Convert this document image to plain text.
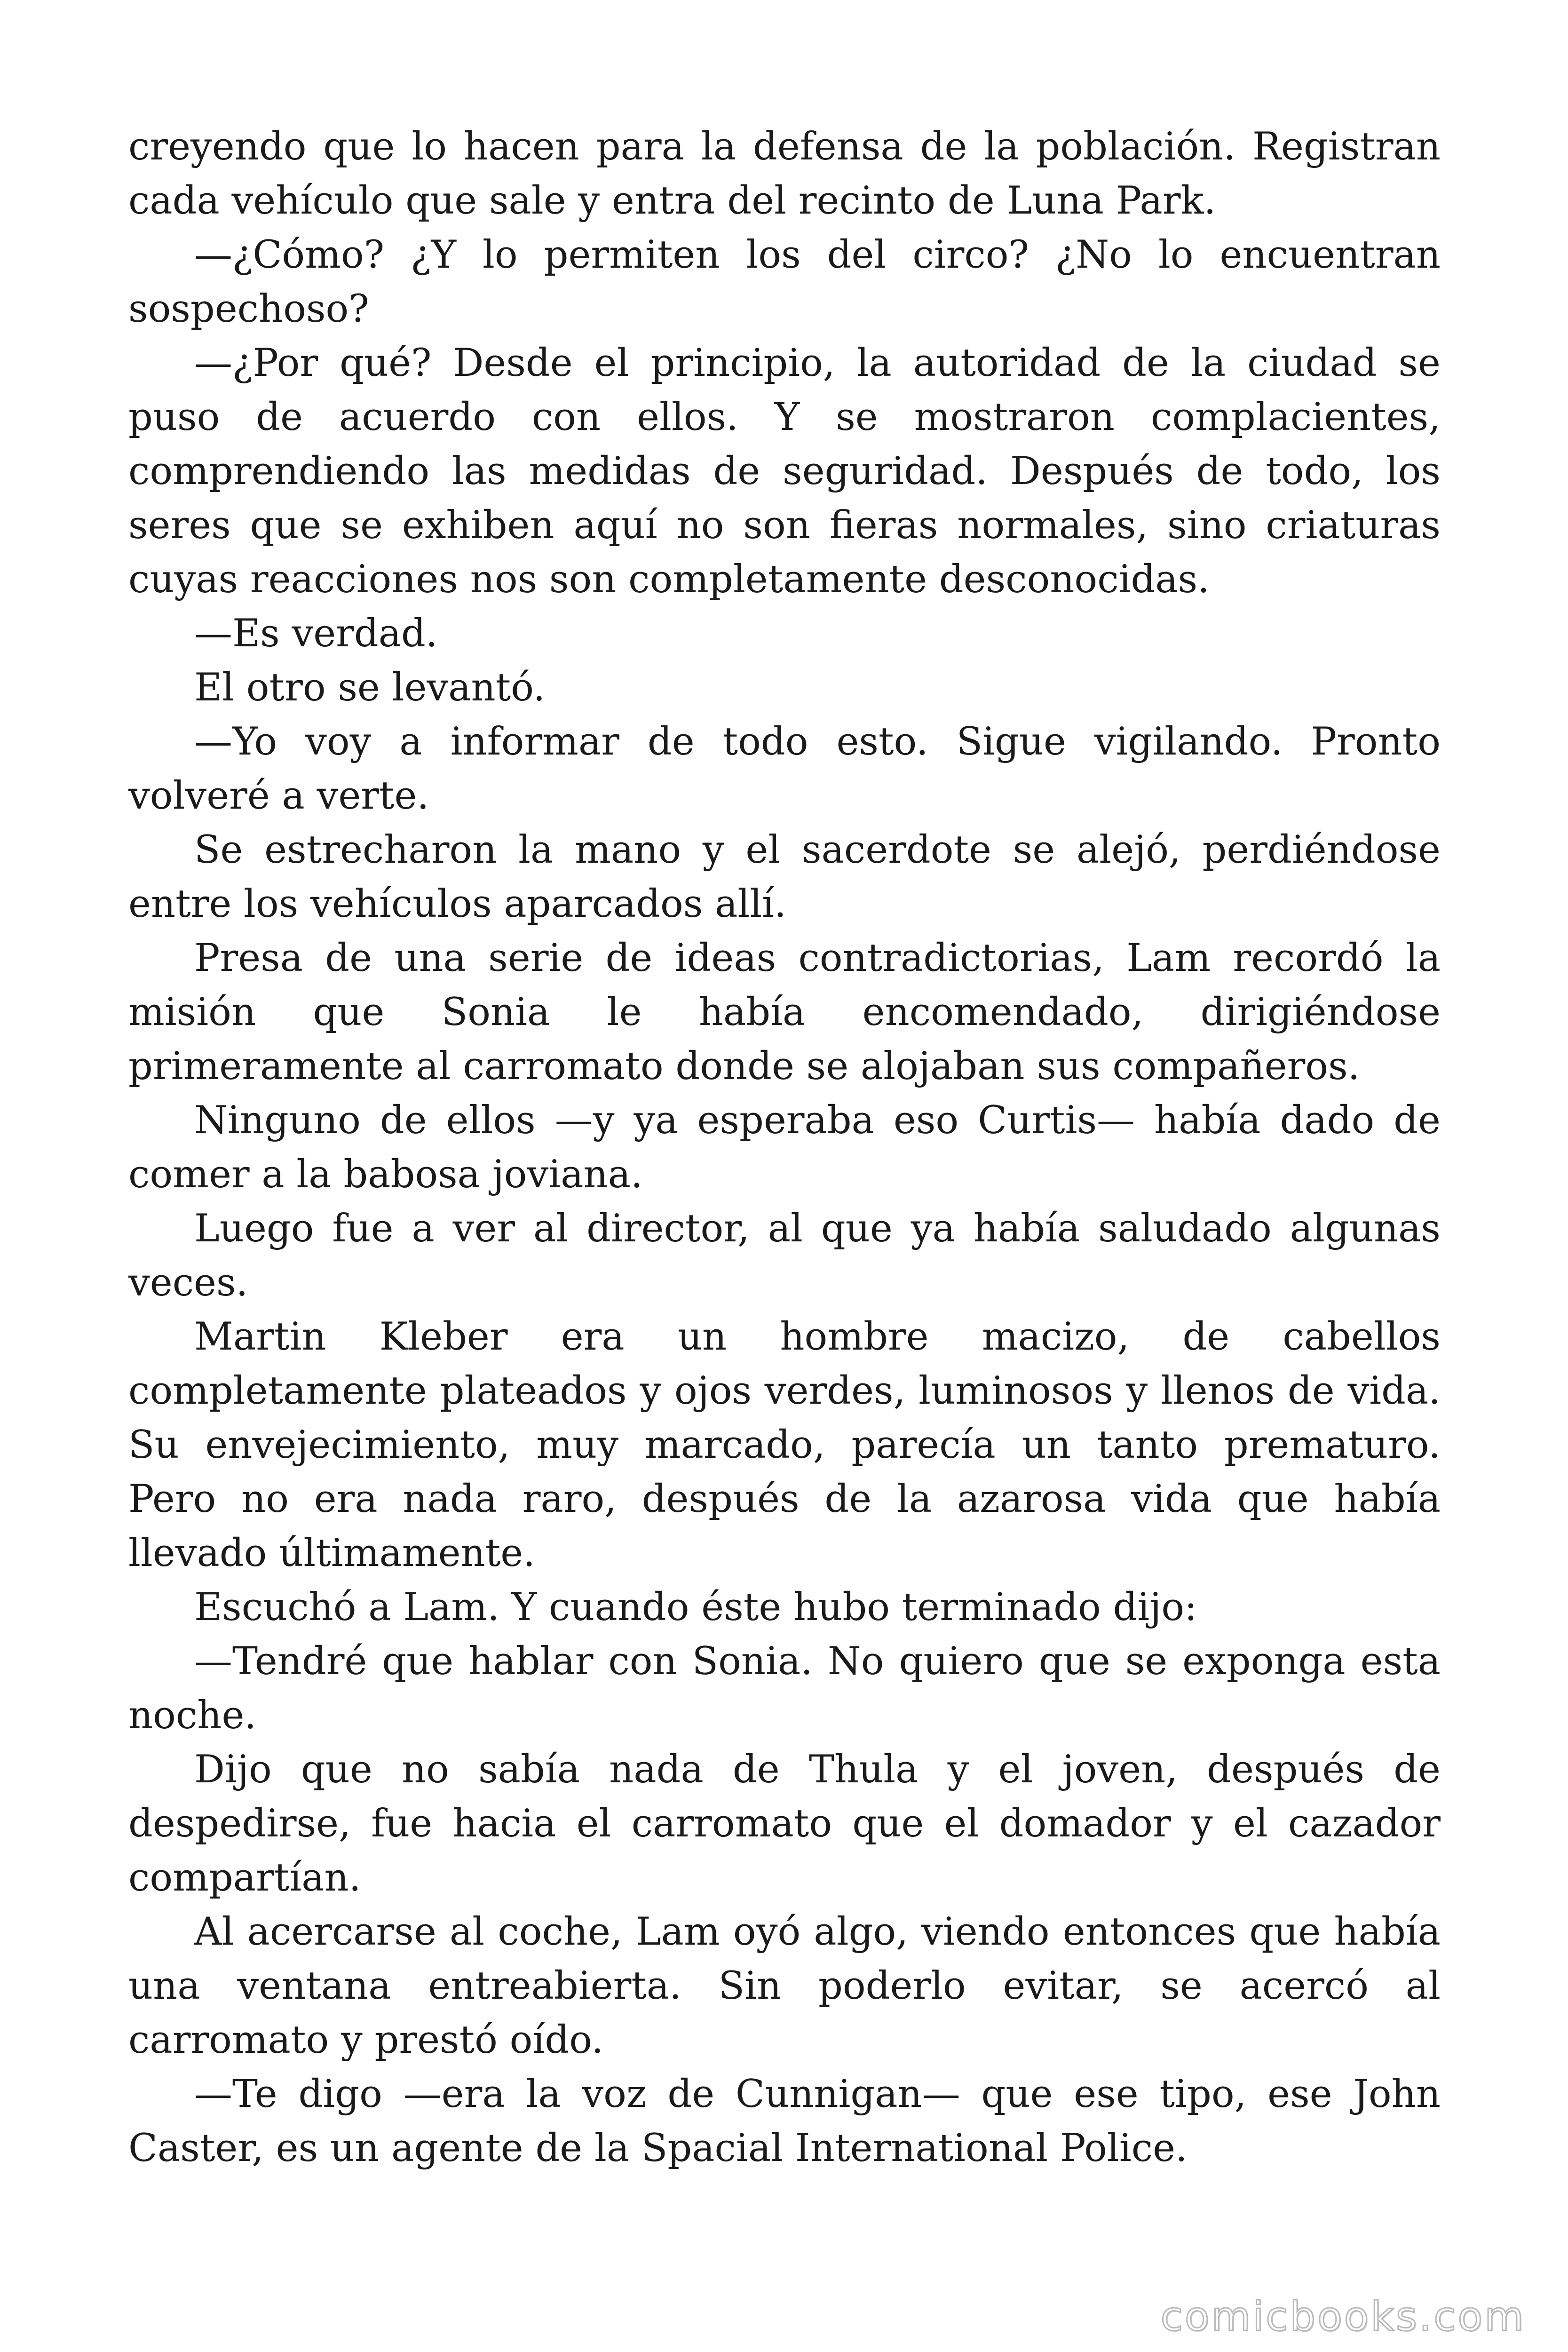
creyendo que lo hacen para la defensa de la población. Registran cada vehículo que sale y entra del recinto de Luna Park.

—¿Cómo? ¿Y lo permiten los del circo? ¿No lo encuentran sospechoso?

—¿Por qué? Desde el principio, la autoridad de la ciudad se puso de acuerdo con ellos. Y se mostraron complacientes, comprendiendo las medidas de seguridad. Después de todo, los seres que se exhiben aquí no son fieras normales, sino criaturas cuyas reacciones nos son completamente desconocidas.

—Es verdad.

El otro se levantó.

—Yo voy a informar de todo esto. Sigue vigilando. Pronto volveré a verte.

Se estrecharon la mano y el sacerdote se alejó, perdiéndose entre los vehículos aparcados allí.

Presa de una serie de ideas contradictorias, Lam recordó la misión que Sonia le había encomendado, dirigiéndose primeramente al carromato donde se alojaban sus compañeros.

Ninguno de ellos —y ya esperaba eso Curtis— había dado de comer a la babosa joviana.

Luego fue a ver al director, al que ya había saludado algunas veces.

Martin Kleber era un hombre macizo, de cabellos completamente plateados y ojos verdes, luminosos y llenos de vida. Su envejecimiento, muy marcado, parecía un tanto prematuro. Pero no era nada raro, después de la azarosa vida que había llevado últimamente.

Escuchó a Lam. Y cuando éste hubo terminado dijo:

—Tendré que hablar con Sonia. No quiero que se exponga esta noche.

Dijo que no sabía nada de Thula y el joven, después de despedirse, fue hacia el carromato que el domador y el cazador compartían.

Al acercarse al coche, Lam oyó algo, viendo entonces que había una ventana entreabierta. Sin poderlo evitar, se acercó al carromato y prestó oído.

—Te digo —era la voz de Cunnigan— que ese tipo, ese John Caster, es un agente de la Spacial International Police.

comicbooks.com
